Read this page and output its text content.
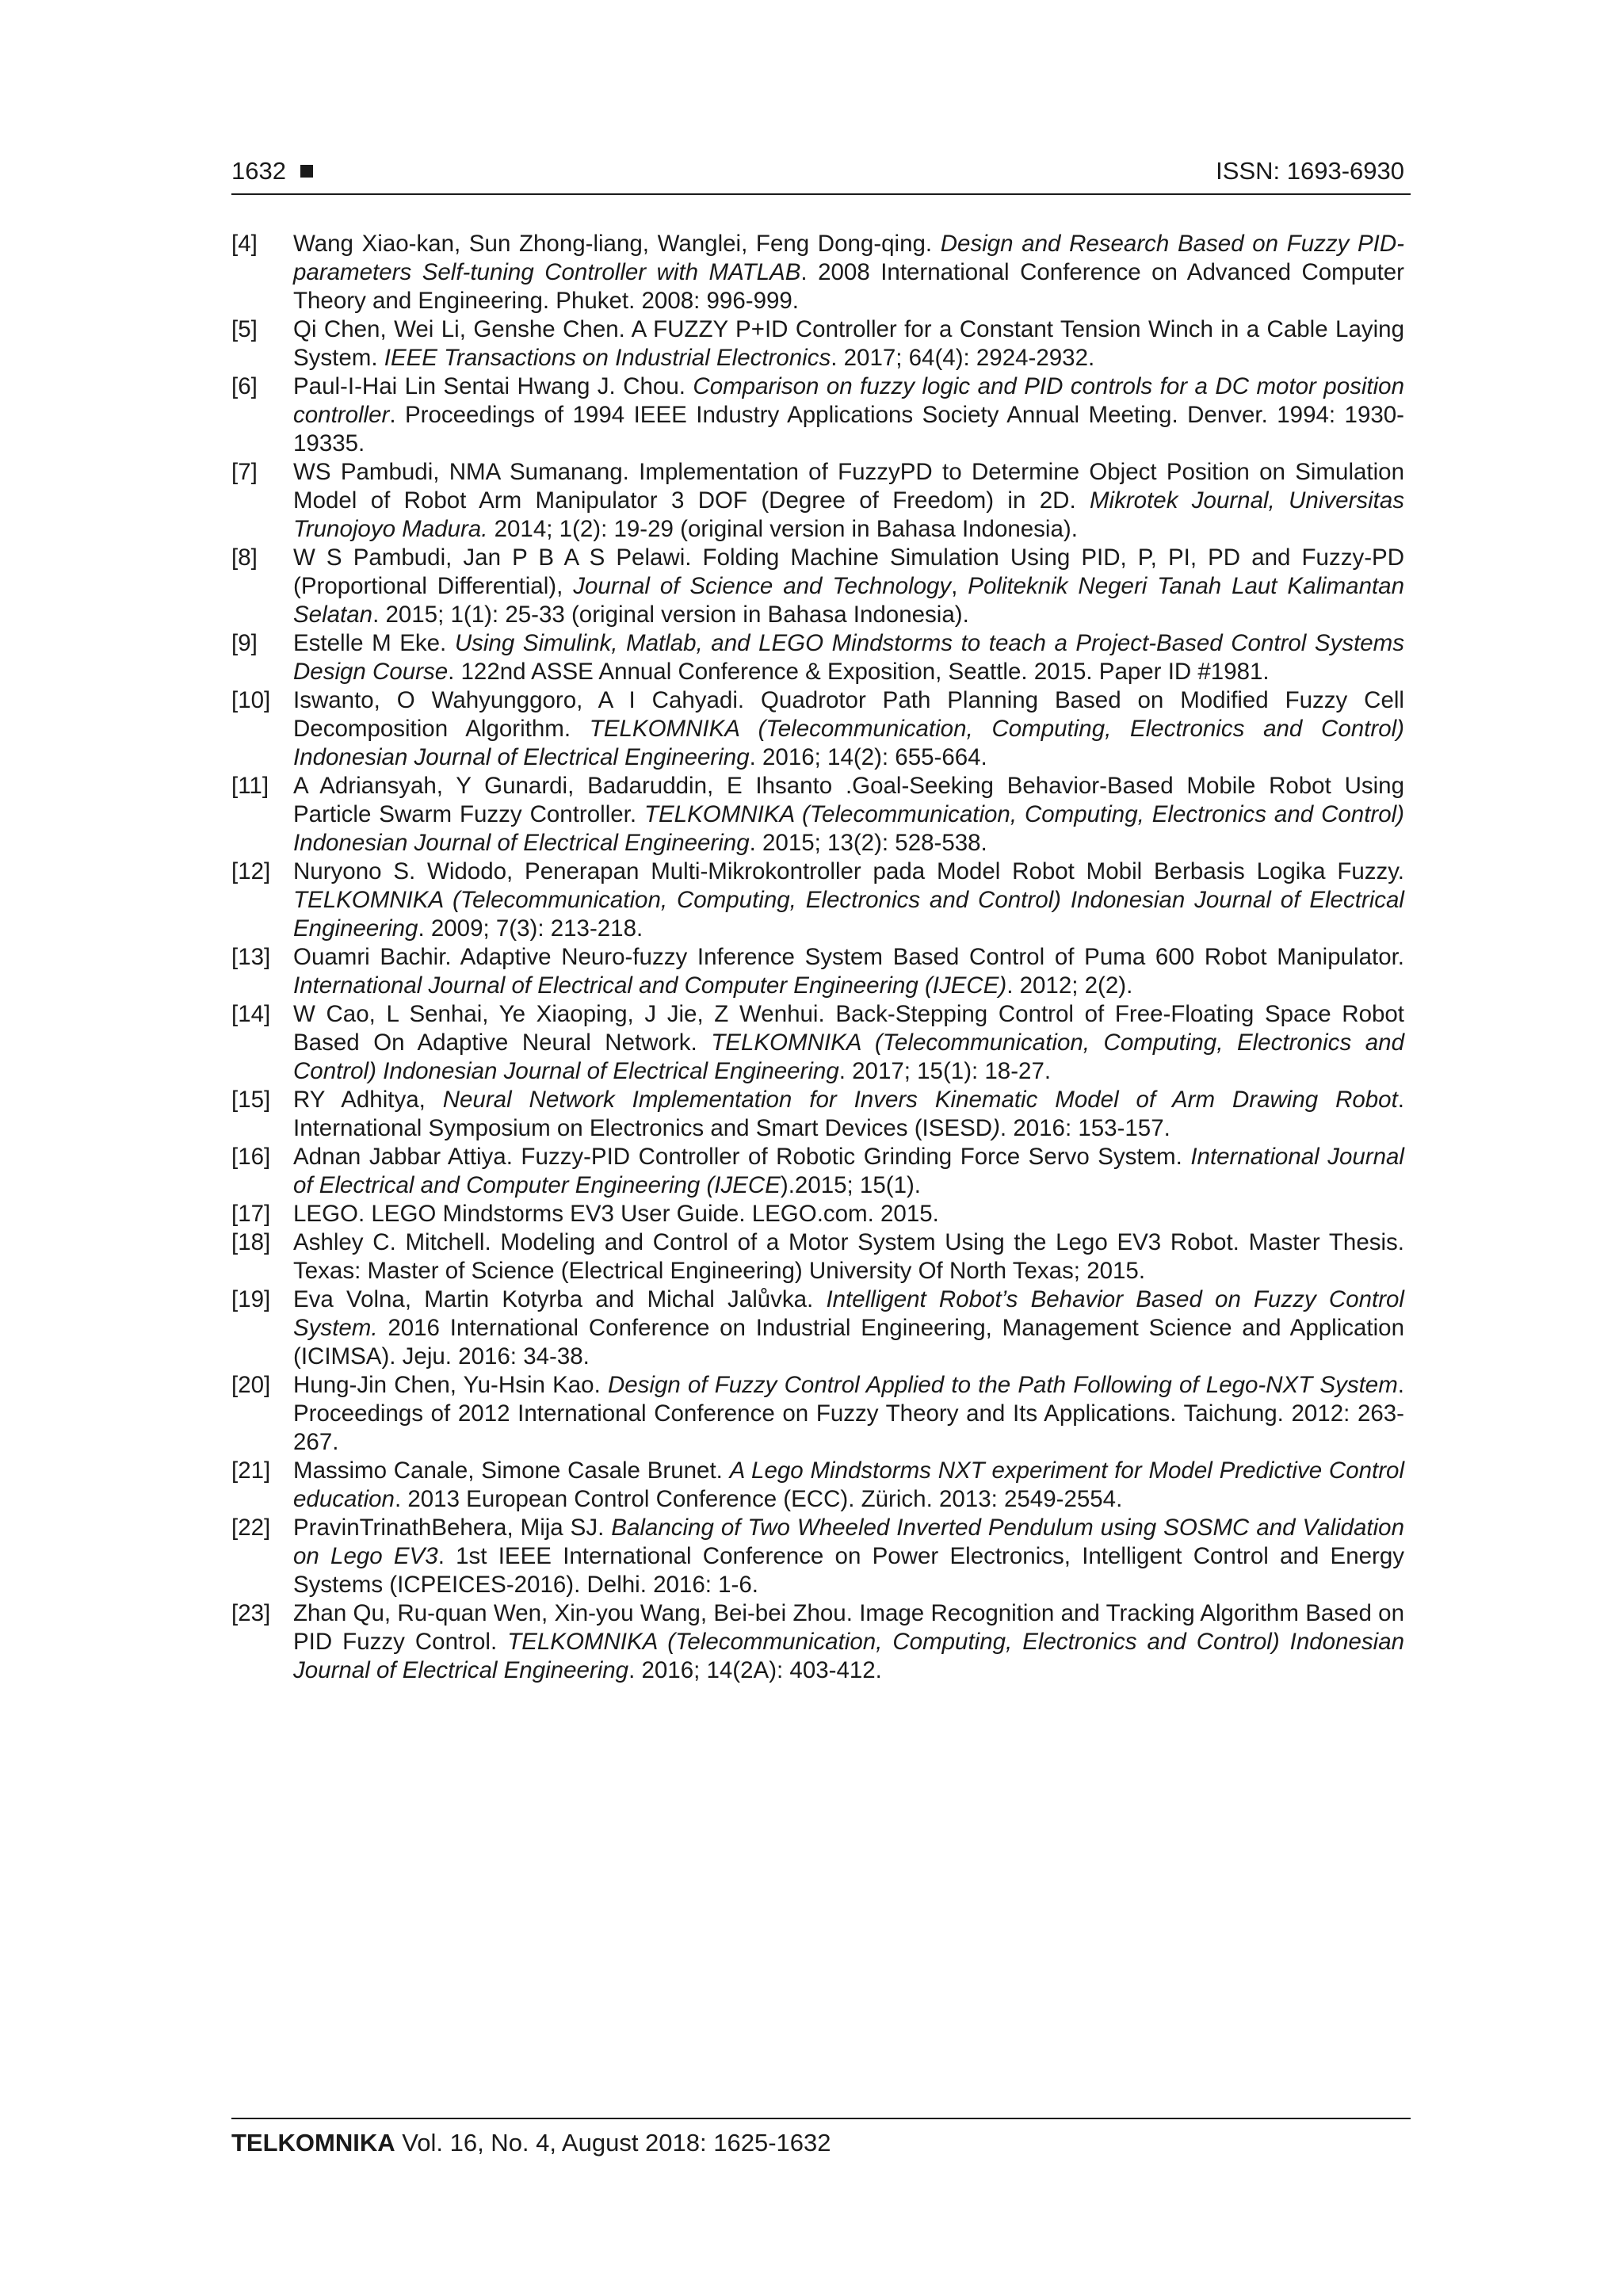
1632	ISSN: 1693-6930
[4] Wang Xiao-kan, Sun Zhong-liang, Wanglei, Feng Dong-qing. Design and Research Based on Fuzzy PID-parameters Self-tuning Controller with MATLAB. 2008 International Conference on Advanced Computer Theory and Engineering. Phuket. 2008: 996-999.
[5] Qi Chen, Wei Li, Genshe Chen. A FUZZY P+ID Controller for a Constant Tension Winch in a Cable Laying System. IEEE Transactions on Industrial Electronics. 2017; 64(4): 2924-2932.
[6] Paul-I-Hai Lin Sentai Hwang J. Chou. Comparison on fuzzy logic and PID controls for a DC motor position controller. Proceedings of 1994 IEEE Industry Applications Society Annual Meeting. Denver. 1994: 1930-19335.
[7] WS Pambudi, NMA Sumanang. Implementation of FuzzyPD to Determine Object Position on Simulation Model of Robot Arm Manipulator 3 DOF (Degree of Freedom) in 2D. Mikrotek Journal, Universitas Trunojoyo Madura. 2014; 1(2): 19-29 (original version in Bahasa Indonesia).
[8] W S Pambudi, Jan P B A S Pelawi. Folding Machine Simulation Using PID, P, PI, PD and Fuzzy-PD (Proportional Differential), Journal of Science and Technology, Politeknik Negeri Tanah Laut Kalimantan Selatan. 2015; 1(1): 25-33 (original version in Bahasa Indonesia).
[9] Estelle M Eke. Using Simulink, Matlab, and LEGO Mindstorms to teach a Project-Based Control Systems Design Course. 122nd ASSE Annual Conference & Exposition, Seattle. 2015. Paper ID #1981.
[10] Iswanto, O Wahyunggoro, A I Cahyadi. Quadrotor Path Planning Based on Modified Fuzzy Cell Decomposition Algorithm. TELKOMNIKA (Telecommunication, Computing, Electronics and Control) Indonesian Journal of Electrical Engineering. 2016; 14(2): 655-664.
[11] A Adriansyah, Y Gunardi, Badaruddin, E Ihsanto .Goal-Seeking Behavior-Based Mobile Robot Using Particle Swarm Fuzzy Controller. TELKOMNIKA (Telecommunication, Computing, Electronics and Control) Indonesian Journal of Electrical Engineering. 2015; 13(2): 528-538.
[12] Nuryono S. Widodo, Penerapan Multi-Mikrokontroller pada Model Robot Mobil Berbasis Logika Fuzzy. TELKOMNIKA (Telecommunication, Computing, Electronics and Control) Indonesian Journal of Electrical Engineering. 2009; 7(3): 213-218.
[13] Ouamri Bachir. Adaptive Neuro-fuzzy Inference System Based Control of Puma 600 Robot Manipulator. International Journal of Electrical and Computer Engineering (IJECE). 2012; 2(2).
[14] W Cao, L Senhai, Ye Xiaoping, J Jie, Z Wenhui. Back-Stepping Control of Free-Floating Space Robot Based On Adaptive Neural Network. TELKOMNIKA (Telecommunication, Computing, Electronics and Control) Indonesian Journal of Electrical Engineering. 2017; 15(1): 18-27.
[15] RY Adhitya, Neural Network Implementation for Invers Kinematic Model of Arm Drawing Robot. International Symposium on Electronics and Smart Devices (ISESD). 2016: 153-157.
[16] Adnan Jabbar Attiya. Fuzzy-PID Controller of Robotic Grinding Force Servo System. International Journal of Electrical and Computer Engineering (IJECE).2015; 15(1).
[17] LEGO. LEGO Mindstorms EV3 User Guide. LEGO.com. 2015.
[18] Ashley C. Mitchell. Modeling and Control of a Motor System Using the Lego EV3 Robot. Master Thesis. Texas: Master of Science (Electrical Engineering) University Of North Texas; 2015.
[19] Eva Volna, Martin Kotyrba and Michal Jalůvka. Intelligent Robot’s Behavior Based on Fuzzy Control System. 2016 International Conference on Industrial Engineering, Management Science and Application (ICIMSA). Jeju. 2016: 34-38.
[20] Hung-Jin Chen, Yu-Hsin Kao. Design of Fuzzy Control Applied to the Path Following of Lego-NXT System. Proceedings of 2012 International Conference on Fuzzy Theory and Its Applications. Taichung. 2012: 263-267.
[21] Massimo Canale, Simone Casale Brunet. A Lego Mindstorms NXT experiment for Model Predictive Control education. 2013 European Control Conference (ECC). Zürich. 2013: 2549-2554.
[22] PravinTrinathBehera, Mija SJ. Balancing of Two Wheeled Inverted Pendulum using SOSMC and Validation on Lego EV3. 1st IEEE International Conference on Power Electronics, Intelligent Control and Energy Systems (ICPEICES-2016). Delhi. 2016: 1-6.
[23] Zhan Qu, Ru-quan Wen, Xin-you Wang, Bei-bei Zhou. Image Recognition and Tracking Algorithm Based on PID Fuzzy Control. TELKOMNIKA (Telecommunication, Computing, Electronics and Control) Indonesian Journal of Electrical Engineering. 2016; 14(2A): 403-412.
TELKOMNIKA Vol. 16, No. 4, August 2018: 1625-1632
